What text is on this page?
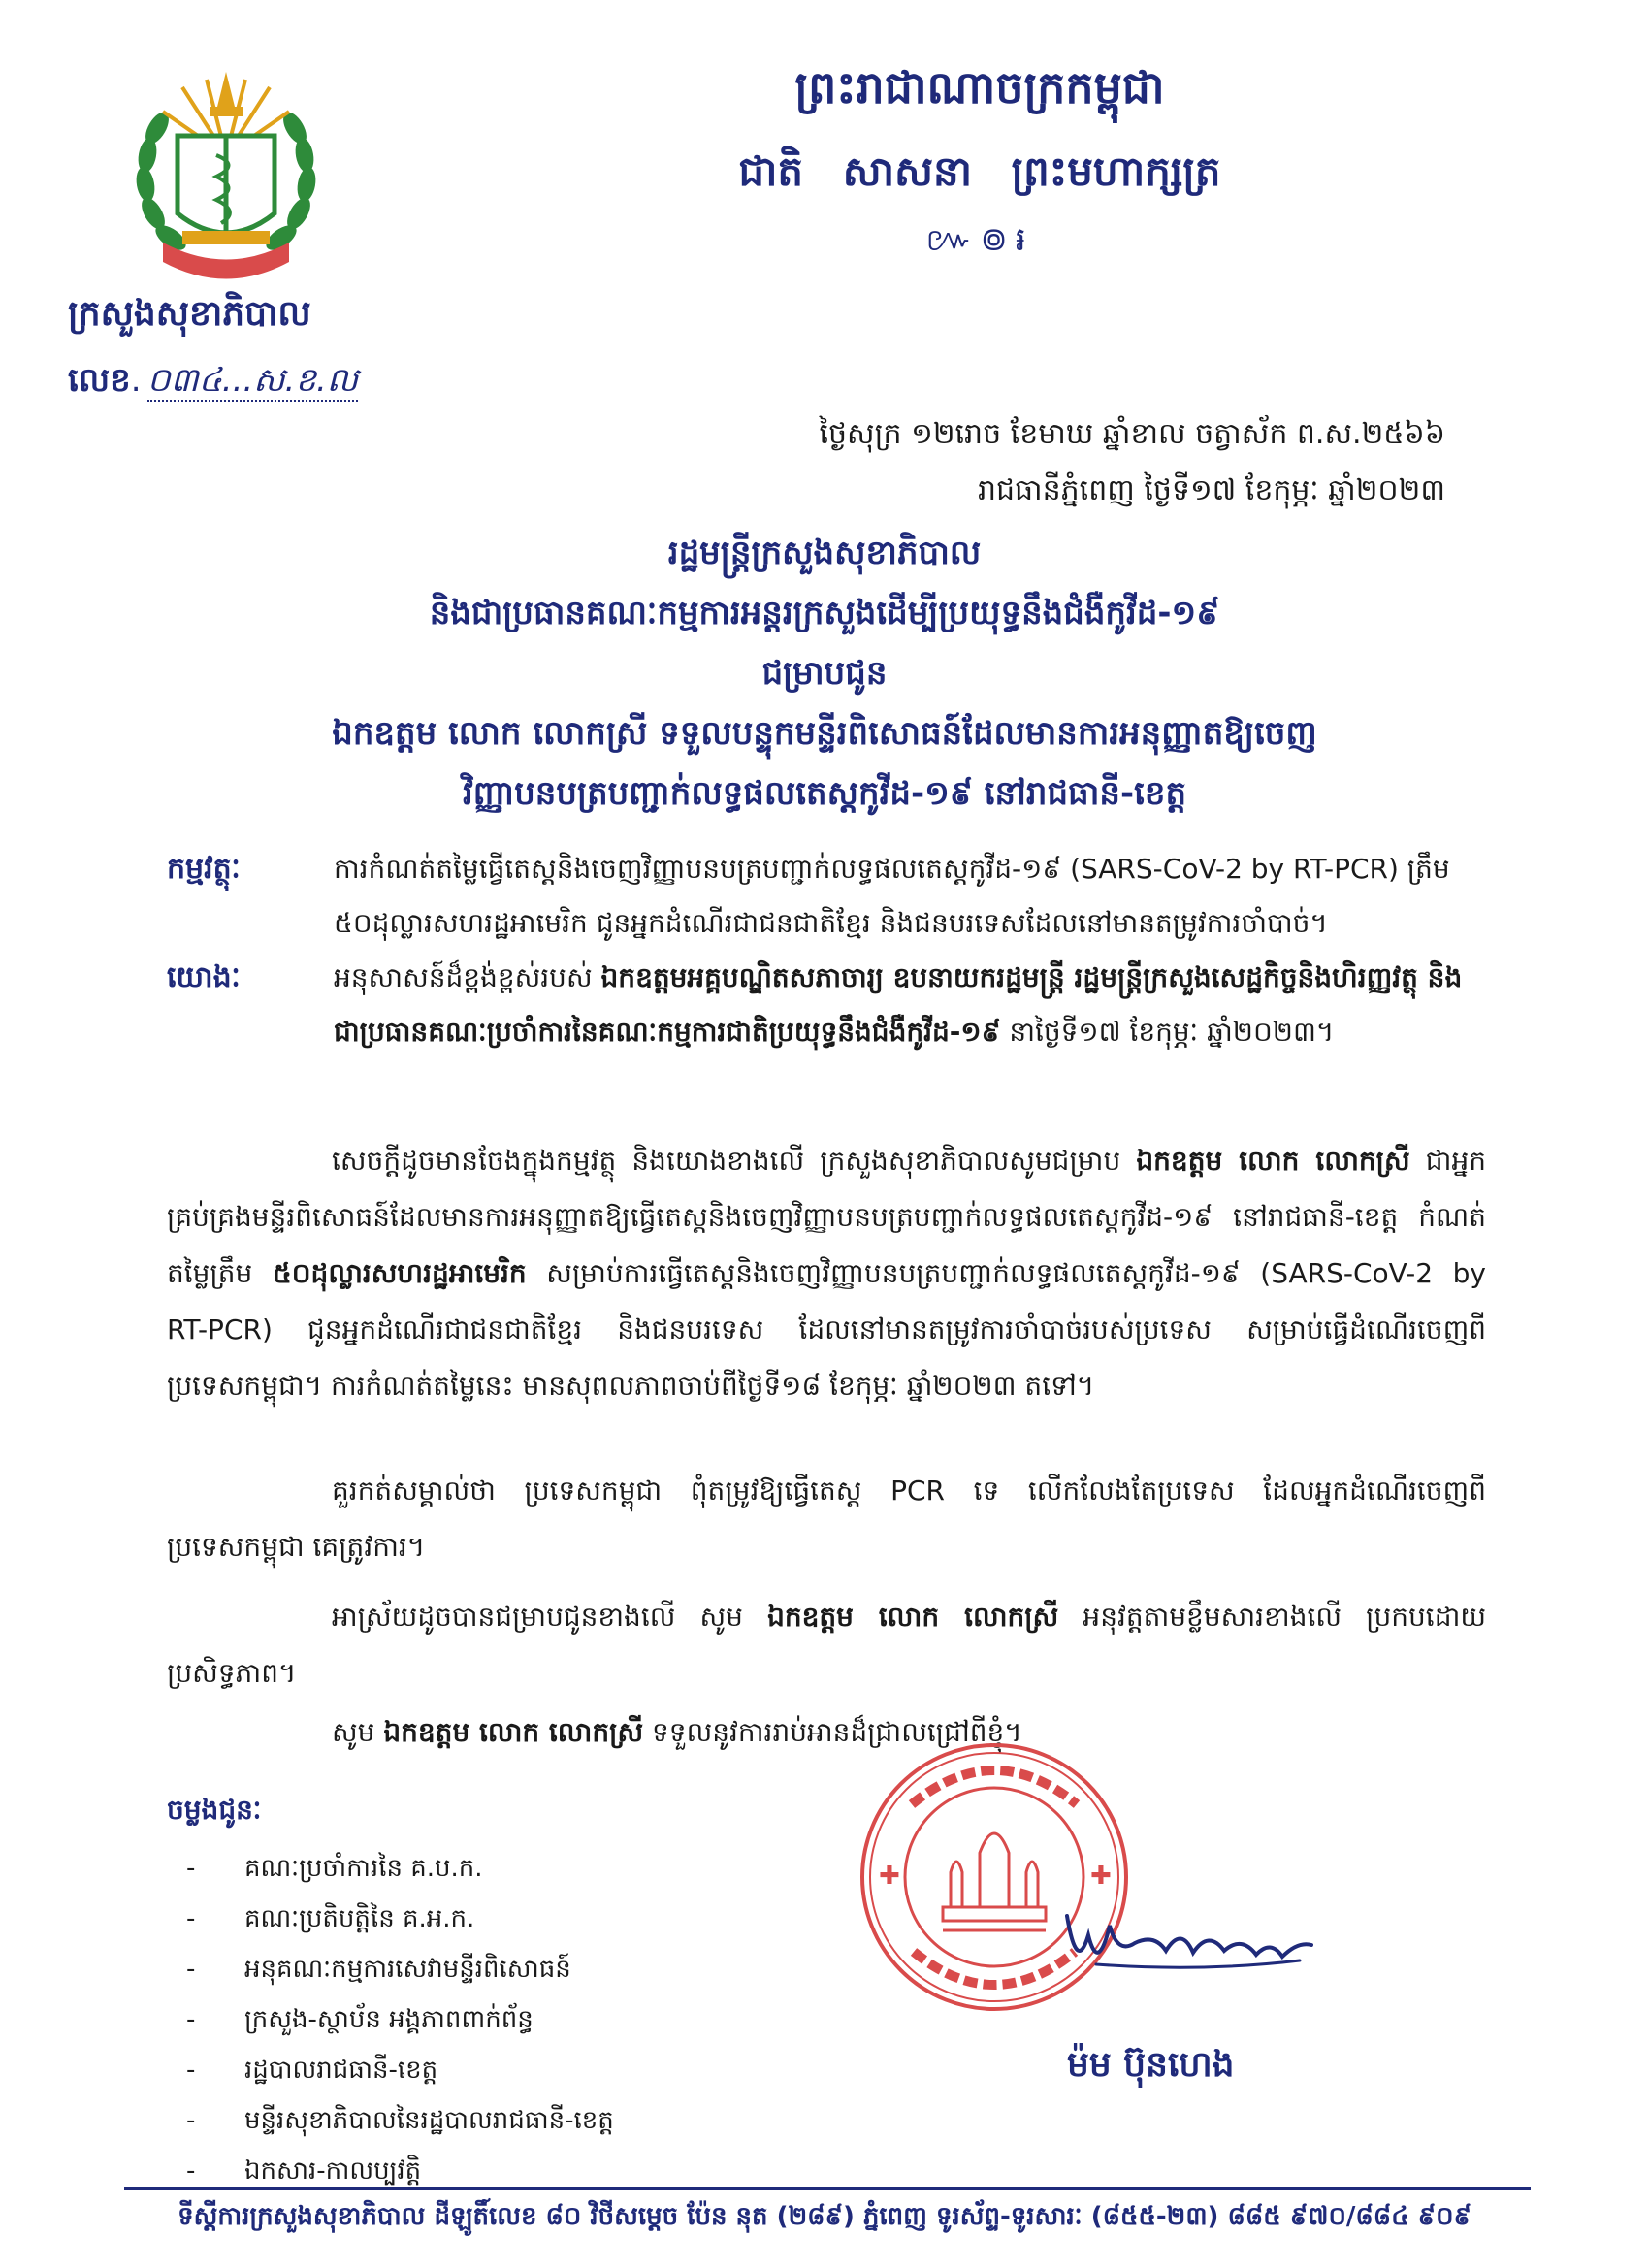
ក្រសួងសុខាភិបាល
លេខ. ០៣៤...ស.ខ.ល
ព្រះរាជាណាចក្រកម្ពុជា
ជាតិ សាសនា ព្រះមហាក្សត្រ
៚៙៛
ថ្ងៃសុក្រ ១២រោច ខែមាឃ ឆ្នាំខាល ចត្វាស័ក ព.ស.២៥៦៦
រាជធានីភ្នំពេញ ថ្ងៃទី១៧ ខែកុម្ភៈ ឆ្នាំ២០២៣
រដ្ឋមន្ត្រីក្រសួងសុខាភិបាល
និងជាប្រធានគណៈកម្មការអន្តរក្រសួងដើម្បីប្រយុទ្ធនឹងជំងឺកូវីដ-១៩
ជម្រាបជូន
ឯកឧត្តម លោក លោកស្រី ទទួលបន្ទុកមន្ទីរពិសោធន៍ដែលមានការអនុញ្ញាតឱ្យចេញ
វិញ្ញាបនបត្របញ្ជាក់លទ្ធផលតេស្តកូវីដ-១៩ នៅរាជធានី-ខេត្ត
កម្មវត្ថុៈ	ការកំណត់តម្លៃធ្វើតេស្តនិងចេញវិញ្ញាបនបត្របញ្ជាក់លទ្ធផលតេស្តកូវីដ-១៩ (SARS-CoV-2 by RT-PCR) ត្រឹម ៥០ដុល្លារសហរដ្ឋអាមេរិក ជូនអ្នកដំណើរជាជនជាតិខ្មែរ និងជនបរទេសដែលនៅមានតម្រូវការចាំបាច់។
យោងៈ	អនុសាសន៍ដ៏ខ្ពង់ខ្ពស់របស់ ឯកឧត្តមអគ្គបណ្ឌិតសភាចារ្យ ឧបនាយករដ្ឋមន្ត្រី រដ្ឋមន្ត្រីក្រសួងសេដ្ឋកិច្ចនិងហិរញ្ញវត្ថុ និងជាប្រធានគណៈប្រចាំការនៃគណៈកម្មការជាតិប្រយុទ្ធនឹងជំងឺកូវីដ-១៩ នាថ្ងៃទី១៧ ខែកុម្ភៈ ឆ្នាំ២០២៣។
សេចក្តីដូចមានចែងក្នុងកម្មវត្ថុ និងយោងខាងលើ ក្រសួងសុខាភិបាលសូមជម្រាប ឯកឧត្តម លោក លោកស្រី ជាអ្នកគ្រប់គ្រងមន្ទីរពិសោធន៍ដែលមានការអនុញ្ញាតឱ្យធ្វើតេស្តនិងចេញវិញ្ញាបនបត្របញ្ជាក់លទ្ធផលតេស្តកូវីដ-១៩ នៅរាជធានី-ខេត្ត កំណត់តម្លៃត្រឹម ៥០ដុល្លារសហរដ្ឋអាមេរិក សម្រាប់ការធ្វើតេស្តនិងចេញវិញ្ញាបនបត្របញ្ជាក់លទ្ធផលតេស្តកូវីដ-១៩ (SARS-CoV-2 by RT-PCR) ជូនអ្នកដំណើរជាជនជាតិខ្មែរ និងជនបរទេស ដែលនៅមានតម្រូវការចាំបាច់របស់ប្រទេស សម្រាប់ធ្វើដំណើរចេញពីប្រទេសកម្ពុជា។ ការកំណត់តម្លៃនេះ មានសុពលភាពចាប់ពីថ្ងៃទី១៨ ខែកុម្ភៈ ឆ្នាំ២០២៣ តទៅ។
គួរកត់សម្គាល់ថា ប្រទេសកម្ពុជា ពុំតម្រូវឱ្យធ្វើតេស្ត PCR ទេ លើកលែងតែប្រទេស ដែលអ្នកដំណើរចេញពីប្រទេសកម្ពុជា គេត្រូវការ។
អាស្រ័យដូចបានជម្រាបជូនខាងលើ សូម ឯកឧត្តម លោក លោកស្រី អនុវត្តតាមខ្លឹមសារខាងលើ ប្រកបដោយប្រសិទ្ធភាព។
សូម ឯកឧត្តម លោក លោកស្រី ទទួលនូវការរាប់អានដ៏ជ្រាលជ្រៅពីខ្ញុំ។
ចម្លងជូនៈ
- គណៈប្រចាំការនៃ គ.ប.ក.
- គណៈប្រតិបត្តិនៃ គ.អ.ក.
- អនុគណៈកម្មការសេវាមន្ទីរពិសោធន៍
- ក្រសួង-ស្ថាប័ន អង្គភាពពាក់ព័ន្ធ
- រដ្ឋបាលរាជធានី-ខេត្ត
- មន្ទីរសុខាភិបាលនៃរដ្ឋបាលរាជធានី-ខេត្ត
- ឯកសារ-កាលប្បវត្តិ
✚	✚
ម៉ម ប៊ុនហេង
ទីស្តីការក្រសួងសុខាភិបាល ដីឡូតិ៍លេខ ៨០ វិថីសម្តេច ប៉ែន នុត (២៨៩) ភ្នំពេញ ទូរស័ព្ទ-ទូរសារៈ (៨៥៥-២៣) ៨៨៥ ៩៧០/៨៨៤ ៩០៩
